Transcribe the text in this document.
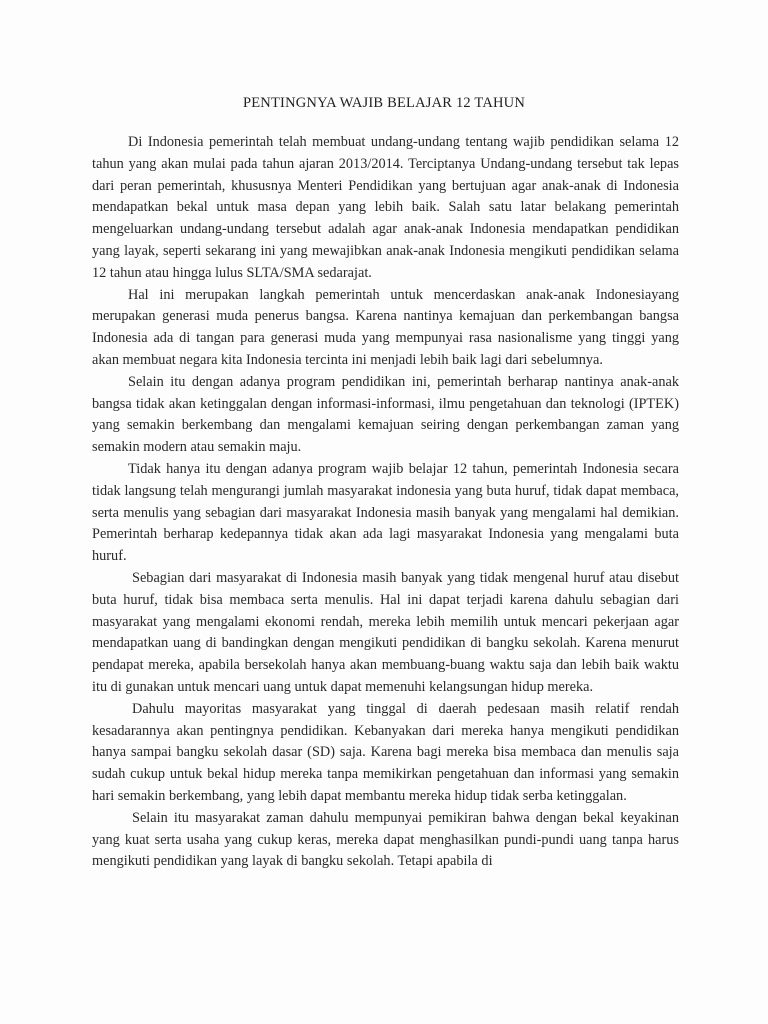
PENTINGNYA WAJIB BELAJAR 12 TAHUN

Di Indonesia pemerintah telah membuat undang-undang tentang wajib pendidikan selama 12 tahun yang akan mulai pada tahun ajaran 2013/2014. Terciptanya Undang-undang tersebut tak lepas dari peran pemerintah, khususnya Menteri Pendidikan yang bertujuan agar anak-anak di Indonesia mendapatkan bekal untuk masa depan yang lebih baik. Salah satu latar belakang pemerintah mengeluarkan undang-undang tersebut adalah agar anak-anak Indonesia mendapatkan pendidikan yang layak, seperti sekarang ini yang mewajibkan anak-anak Indonesia mengikuti pendidikan selama 12 tahun atau hingga lulus SLTA/SMA sedarajat.

Hal ini merupakan langkah pemerintah untuk mencerdaskan anak-anak Indonesiayang merupakan generasi muda penerus bangsa. Karena nantinya kemajuan dan perkembangan bangsa Indonesia ada di tangan para generasi muda yang mempunyai rasa nasionalisme yang tinggi yang akan membuat negara kita Indonesia tercinta ini menjadi lebih baik lagi dari sebelumnya.

Selain itu dengan adanya program pendidikan ini, pemerintah berharap nantinya anak-anak bangsa tidak akan ketinggalan dengan informasi-informasi, ilmu pengetahuan dan teknologi (IPTEK) yang semakin berkembang dan mengalami kemajuan seiring dengan perkembangan zaman yang semakin modern atau semakin maju.

Tidak hanya itu dengan adanya program wajib belajar 12 tahun, pemerintah Indonesia secara tidak langsung telah mengurangi jumlah masyarakat indonesia yang buta huruf, tidak dapat membaca, serta menulis yang sebagian dari masyarakat Indonesia masih banyak yang mengalami hal demikian. Pemerintah berharap kedepannya tidak akan ada lagi masyarakat Indonesia yang mengalami buta huruf.

Sebagian dari masyarakat di Indonesia masih banyak yang tidak mengenal huruf atau disebut buta huruf, tidak bisa membaca serta menulis. Hal ini dapat terjadi karena dahulu sebagian dari masyarakat yang mengalami ekonomi rendah, mereka lebih memilih untuk mencari pekerjaan agar mendapatkan uang di bandingkan dengan mengikuti pendidikan di bangku sekolah. Karena menurut pendapat mereka, apabila bersekolah hanya akan membuang-buang waktu saja dan lebih baik waktu itu di gunakan untuk mencari uang untuk dapat memenuhi kelangsungan hidup mereka.

Dahulu mayoritas masyarakat yang tinggal di daerah pedesaan masih relatif rendah kesadarannya akan pentingnya pendidikan. Kebanyakan dari mereka hanya mengikuti pendidikan hanya sampai bangku sekolah dasar (SD) saja. Karena bagi mereka bisa membaca dan menulis saja sudah cukup untuk bekal hidup mereka tanpa memikirkan pengetahuan dan informasi yang semakin hari semakin berkembang, yang lebih dapat membantu mereka hidup tidak serba ketinggalan.

Selain itu masyarakat zaman dahulu mempunyai pemikiran bahwa dengan bekal keyakinan yang kuat serta usaha yang cukup keras, mereka dapat menghasilkan pundi-pundi uang tanpa harus mengikuti pendidikan yang layak di bangku sekolah. Tetapi apabila di
